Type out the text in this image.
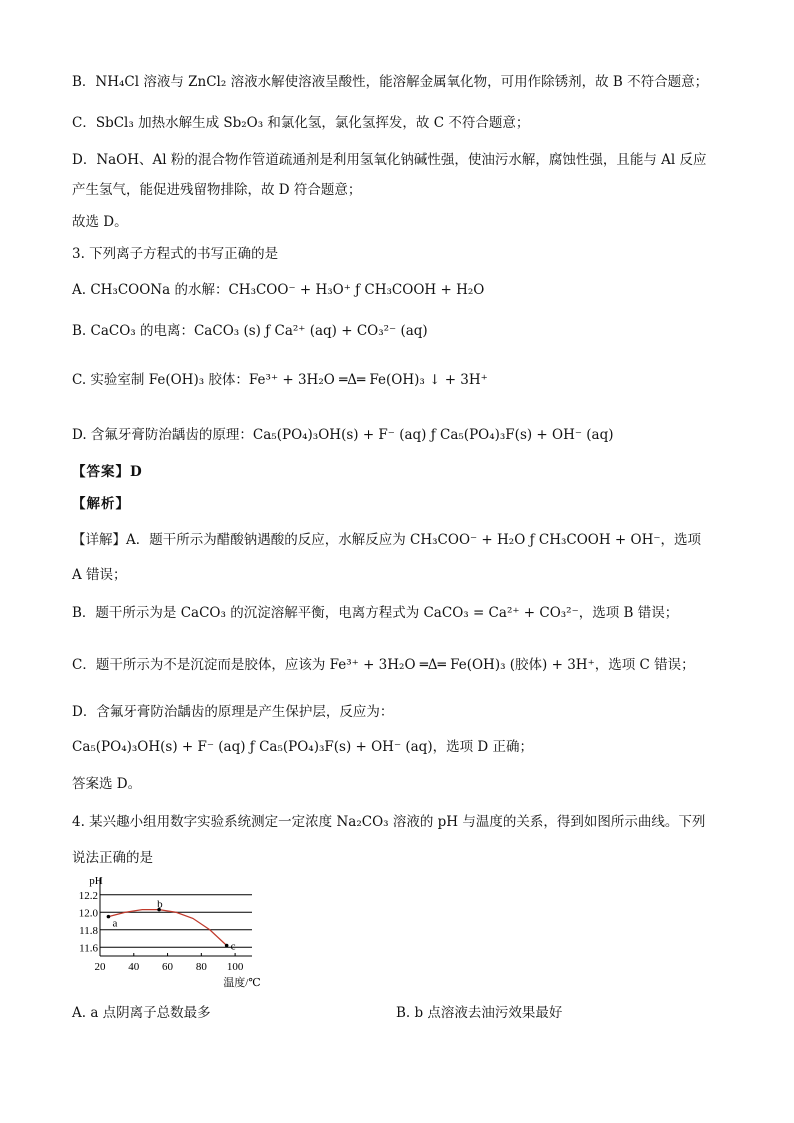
B．NH₄Cl 溶液与 ZnCl₂ 溶液水解使溶液呈酸性，能溶解金属氧化物，可用作除锈剂，故 B 不符合题意；
C．SbCl₃ 加热水解生成 Sb₂O₃ 和氯化氢，氯化氢挥发，故 C 不符合题意；
D．NaOH、Al 粉的混合物作管道疏通剂是利用氢氧化钠碱性强，使油污水解，腐蚀性强，且能与 Al 反应
产生氢气，能促进残留物排除，故 D 符合题意；
故选 D。
3. 下列离子方程式的书写正确的是
A. CH₃COONa 的水解：CH₃COO⁻ + H₃O⁺ ƒ CH₃COOH + H₂O
B. CaCO₃ 的电离：CaCO₃ (s) ƒ Ca²⁺ (aq) + CO₃²⁻ (aq)
C. 实验室制 Fe(OH)₃ 胶体：Fe³⁺ + 3H₂O ═Δ═ Fe(OH)₃ ↓ + 3H⁺
D. 含氟牙膏防治龋齿的原理：Ca₅(PO₄)₃OH(s) + F⁻ (aq) ƒ Ca₅(PO₄)₃F(s) + OH⁻ (aq)
【答案】D
【解析】
【详解】A．题干所示为醋酸钠遇酸的反应，水解反应为 CH₃COO⁻ + H₂O ƒ CH₃COOH + OH⁻，选项
A 错误；
B．题干所示为是 CaCO₃ 的沉淀溶解平衡，电离方程式为 CaCO₃ = Ca²⁺ + CO₃²⁻，选项 B 错误；
C．题干所示为不是沉淀而是胶体，应该为 Fe³⁺ + 3H₂O ═Δ═ Fe(OH)₃ (胶体) + 3H⁺，选项 C 错误；
D．含氟牙膏防治龋齿的原理是产生保护层，反应为：
Ca₅(PO₄)₃OH(s) + F⁻ (aq) ƒ Ca₅(PO₄)₃F(s) + OH⁻ (aq)，选项 D 正确；
答案选 D。
4. 某兴趣小组用数字实验系统测定一定浓度 Na₂CO₃ 溶液的 pH 与温度的关系，得到如图所示曲线。下列
说法正确的是
12.2
12.0
11.8
11.6
20 40 60 80 100
pH
温度/℃
a
b
c
A. a 点阴离子总数最多	B. b 点溶液去油污效果最好
